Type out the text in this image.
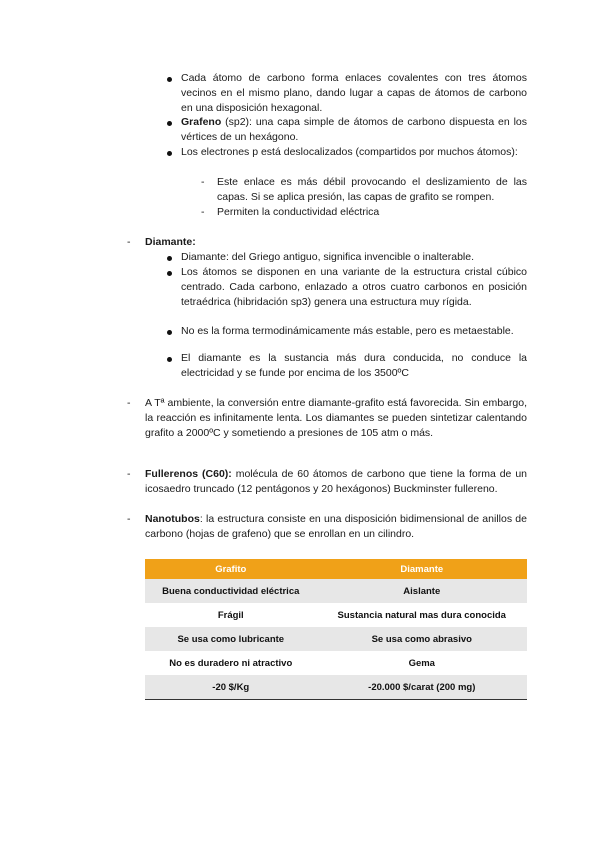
Cada átomo de carbono forma enlaces covalentes con tres átomos vecinos en el mismo plano, dando lugar a capas de átomos de carbono en una disposición hexagonal.
Grafeno (sp2): una capa simple de átomos de carbono dispuesta en los vértices de un hexágono.
Los electrones p está deslocalizados (compartidos por muchos átomos):
- Este enlace es más débil provocando el deslizamiento de las capas. Si se aplica presión, las capas de grafito se rompen.
- Permiten la conductividad eléctrica
- Diamante:
Diamante: del Griego antiguo, significa invencible o inalterable.
Los átomos se disponen en una variante de la estructura cristal cúbico centrado. Cada carbono, enlazado a otros cuatro carbonos en posición tetraédrica (hibridación sp3) genera una estructura muy rígida.
No es la forma termodinámicamente más estable, pero es metaestable.
El diamante es la sustancia más dura conducida, no conduce la electricidad y se funde por encima de los 3500ºC
- A Tª ambiente, la conversión entre diamante-grafito está favorecida. Sin embargo, la reacción es infinitamente lenta. Los diamantes se pueden sintetizar calentando grafito a 2000ºC y sometiendo a presiones de 105 atm o más.
- Fullerenos (C60): molécula de 60 átomos de carbono que tiene la forma de un icosaedro truncado (12 pentágonos y 20 hexágonos) Buckminster fullereno.
- Nanotubos: la estructura consiste en una disposición bidimensional de anillos de carbono (hojas de grafeno) que se enrollan en un cilindro.
Grafito	Diamante
Buena conductividad eléctrica	Aislante
Frágil	Sustancia natural mas dura conocida
Se usa como lubricante	Se usa como abrasivo
No es duradero ni atractivo	Gema
-20 $/Kg	-20.000 $/carat (200 mg)
